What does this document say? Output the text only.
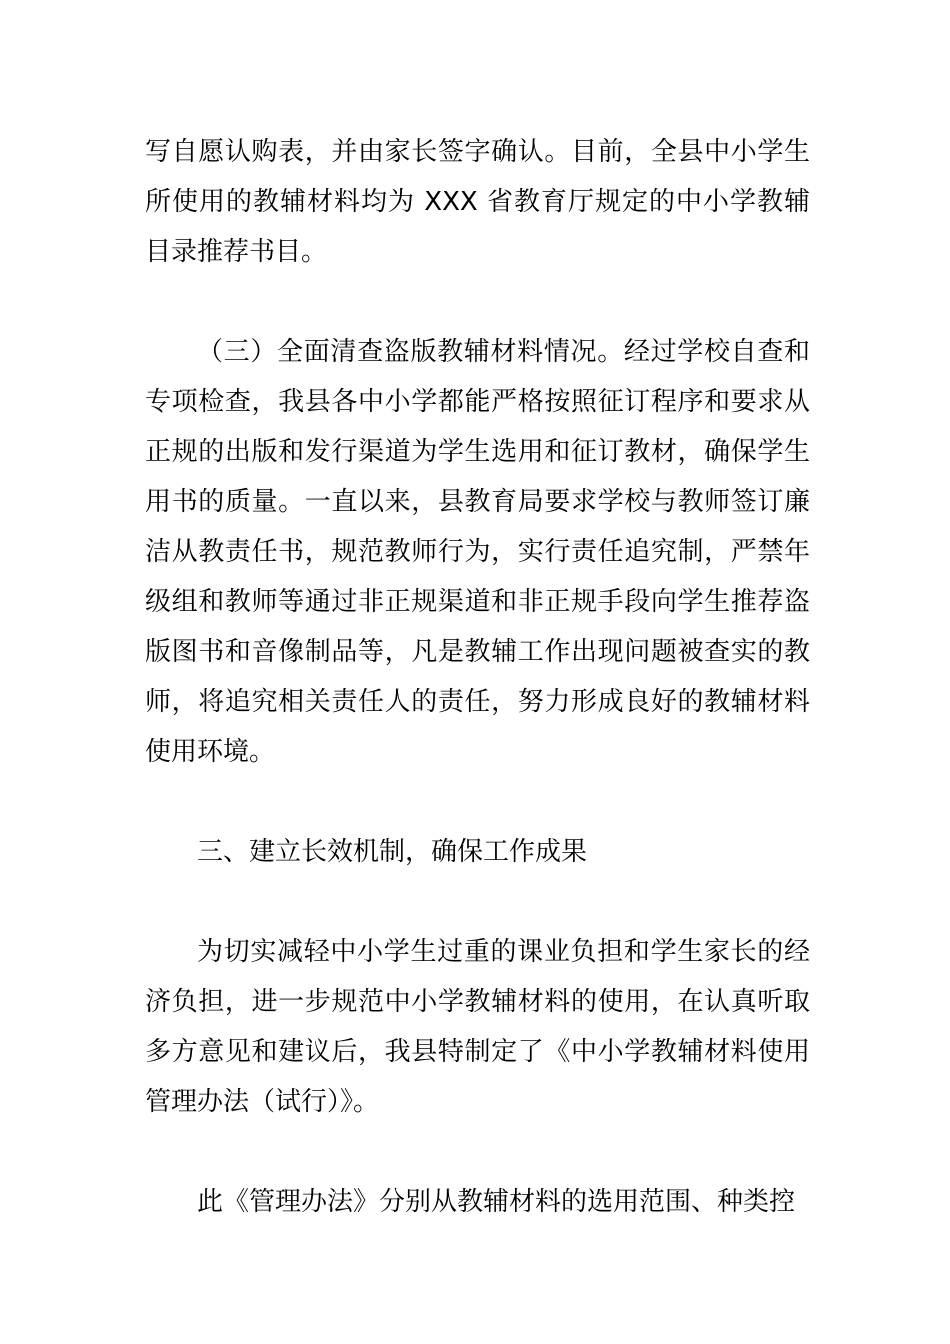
写自愿认购表，并由家长签字确认。目前，全县中小学生所使用的教辅材料均为 XXX 省教育厅规定的中小学教辅目录推荐书目。

（三）全面清查盗版教辅材料情况。经过学校自查和专项检查，我县各中小学都能严格按照征订程序和要求从正规的出版和发行渠道为学生选用和征订教材，确保学生用书的质量。一直以来，县教育局要求学校与教师签订廉洁从教责任书，规范教师行为，实行责任追究制，严禁年级组和教师等通过非正规渠道和非正规手段向学生推荐盗版图书和音像制品等，凡是教辅工作出现问题被查实的教师，将追究相关责任人的责任，努力形成良好的教辅材料使用环境。

三、建立长效机制，确保工作成果

为切实减轻中小学生过重的课业负担和学生家长的经济负担，进一步规范中小学教辅材料的使用，在认真听取多方意见和建议后，我县特制定了《中小学教辅材料使用管理办法（试行）》。

此《管理办法》分别从教辅材料的选用范围、种类控
